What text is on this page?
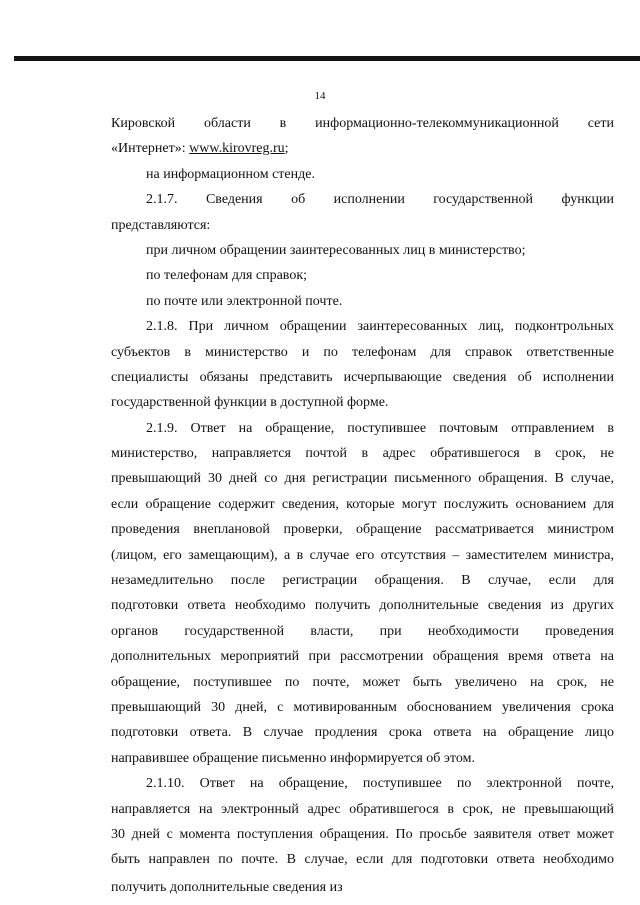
14
Кировской области в информационно-телекоммуникационной сети
«Интернет»: www.kirovreg.ru;
на информационном стенде.
2.1.7. Сведения об исполнении государственной функции
представляются:
при личном обращении заинтересованных лиц в министерство;
по телефонам для справок;
по почте или электронной почте.
2.1.8. При личном обращении заинтересованных лиц, подконтрольных
субъектов в министерство и по телефонам для справок ответственные
специалисты обязаны представить исчерпывающие сведения об исполнении
государственной функции в доступной форме.
2.1.9. Ответ на обращение, поступившее почтовым отправлением в
министерство, направляется почтой в адрес обратившегося в срок, не
превышающий 30 дней со дня регистрации письменного обращения. В случае,
если обращение содержит сведения, которые могут послужить основанием для
проведения внеплановой проверки, обращение рассматривается министром
(лицом, его замещающим), а в случае его отсутствия – заместителем министра,
незамедлительно после регистрации обращения. В случае, если для
подготовки ответа необходимо получить дополнительные сведения из других
органов государственной власти, при необходимости проведения
дополнительных мероприятий при рассмотрении обращения время ответа на
обращение, поступившее по почте, может быть увеличено на срок, не
превышающий 30 дней, с мотивированным обоснованием увеличения срока
подготовки ответа. В случае продления срока ответа на обращение лицо
направившее обращение письменно информируется об этом.
2.1.10. Ответ на обращение, поступившее по электронной почте,
направляется на электронный адрес обратившегося в срок, не превышающий
30 дней с момента поступления обращения. По просьбе заявителя ответ может
быть направлен по почте. В случае, если для подготовки ответа необходимо
получить дополнительные сведения из
